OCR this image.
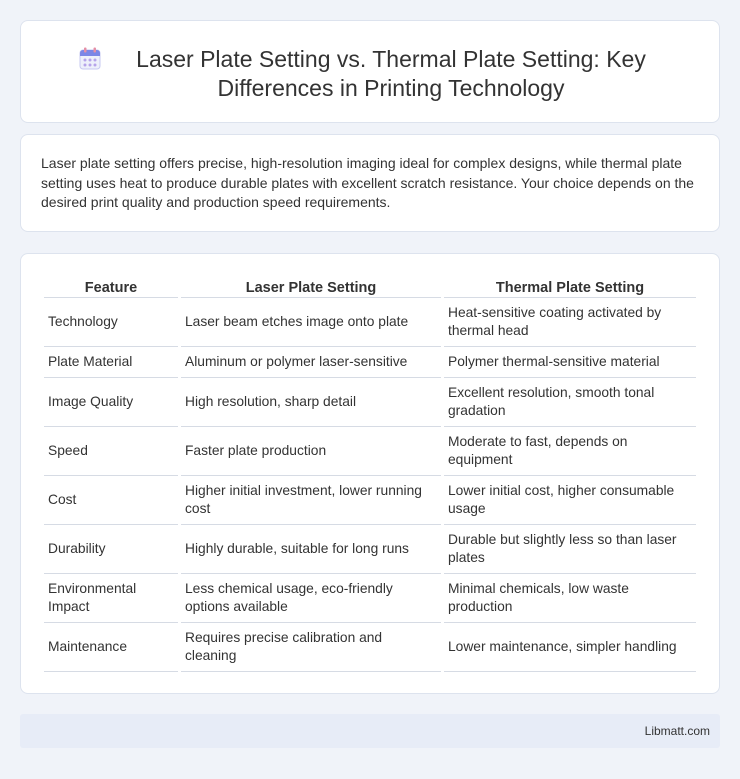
Laser Plate Setting vs. Thermal Plate Setting: Key Differences in Printing Technology

Laser plate setting offers precise, high-resolution imaging ideal for complex designs, while thermal plate setting uses heat to produce durable plates with excellent scratch resistance. Your choice depends on the desired print quality and production speed requirements.

Feature	Laser Plate Setting	Thermal Plate Setting
Technology	Laser beam etches image onto plate	Heat-sensitive coating activated by thermal head
Plate Material	Aluminum or polymer laser-sensitive	Polymer thermal-sensitive material
Image Quality	High resolution, sharp detail	Excellent resolution, smooth tonal gradation
Speed	Faster plate production	Moderate to fast, depends on equipment
Cost	Higher initial investment, lower running cost	Lower initial cost, higher consumable usage
Durability	Highly durable, suitable for long runs	Durable but slightly less so than laser plates
Environmental Impact	Less chemical usage, eco-friendly options available	Minimal chemicals, low waste production
Maintenance	Requires precise calibration and cleaning	Lower maintenance, simpler handling
Libmatt.com
